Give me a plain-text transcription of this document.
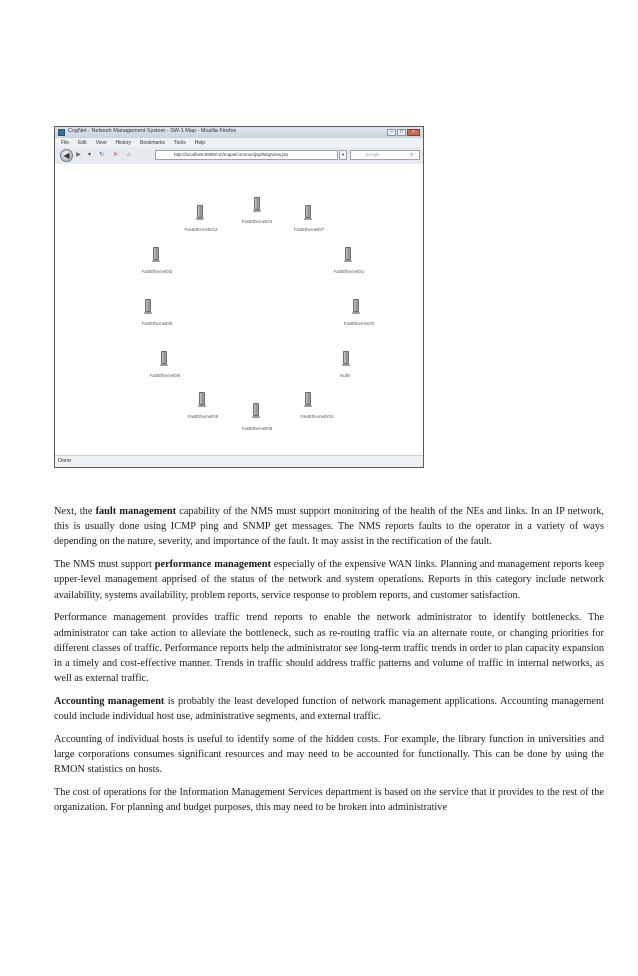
CogNet - Network Management System - SW-1 Map - Mozilla Firefox	–	□	×
File Edit View History Bookmarks Tools Help
◀	▶	▾ ↻ ✕ ⌂	http://localhost:8080/cm/maps/common/jsp/MapView.jsp	▾	Google	⌕
FastEthernet0/4
FastEthernet0/12	FastEthernet0/7
FastEthernet0/3	FastEthernet0/1
FastEthernet0/5	FastEthernet0/2
FastEthernet0/6	Null0
FastEthernet0/8	FastEthernet0/10
FastEthernet0/9
Done

Next, the fault management capability of the NMS must support monitoring of the health of the NEs and links. In an IP network, this is usually done using ICMP ping and SNMP get messages. The NMS reports faults to the operator in a variety of ways depending on the nature, severity, and importance of the fault. It may assist in the rectification of the fault.

The NMS must support performance management especially of the expensive WAN links. Planning and management reports keep upper-level management apprised of the status of the network and system operations. Reports in this category include network availability, systems availability, problem reports, service response to problem reports, and customer satisfaction.

Performance management provides traffic trend reports to enable the network administrator to identify bottlenecks. The administrator can take action to alleviate the bottleneck, such as re-routing traffic via an alternate route, or changing priorities for different classes of traffic. Performance reports help the administrator see long-term traffic trends in order to plan capacity expansion in a timely and cost-effective manner. Trends in traffic should address traffic patterns and volume of traffic in internal networks, as well as external traffic.

Accounting management is probably the least developed function of network management applications. Accounting management could include individual host use, administrative segments, and external traffic.

Accounting of individual hosts is useful to identify some of the hidden costs. For example, the library function in universities and large corporations consumes significant resources and may need to be accounted for functionally. This can be done by using the RMON statistics on hosts.

The cost of operations for the Information Management Services department is based on the service that it provides to the rest of the organization. For planning and budget purposes, this may need to be broken into administrative
